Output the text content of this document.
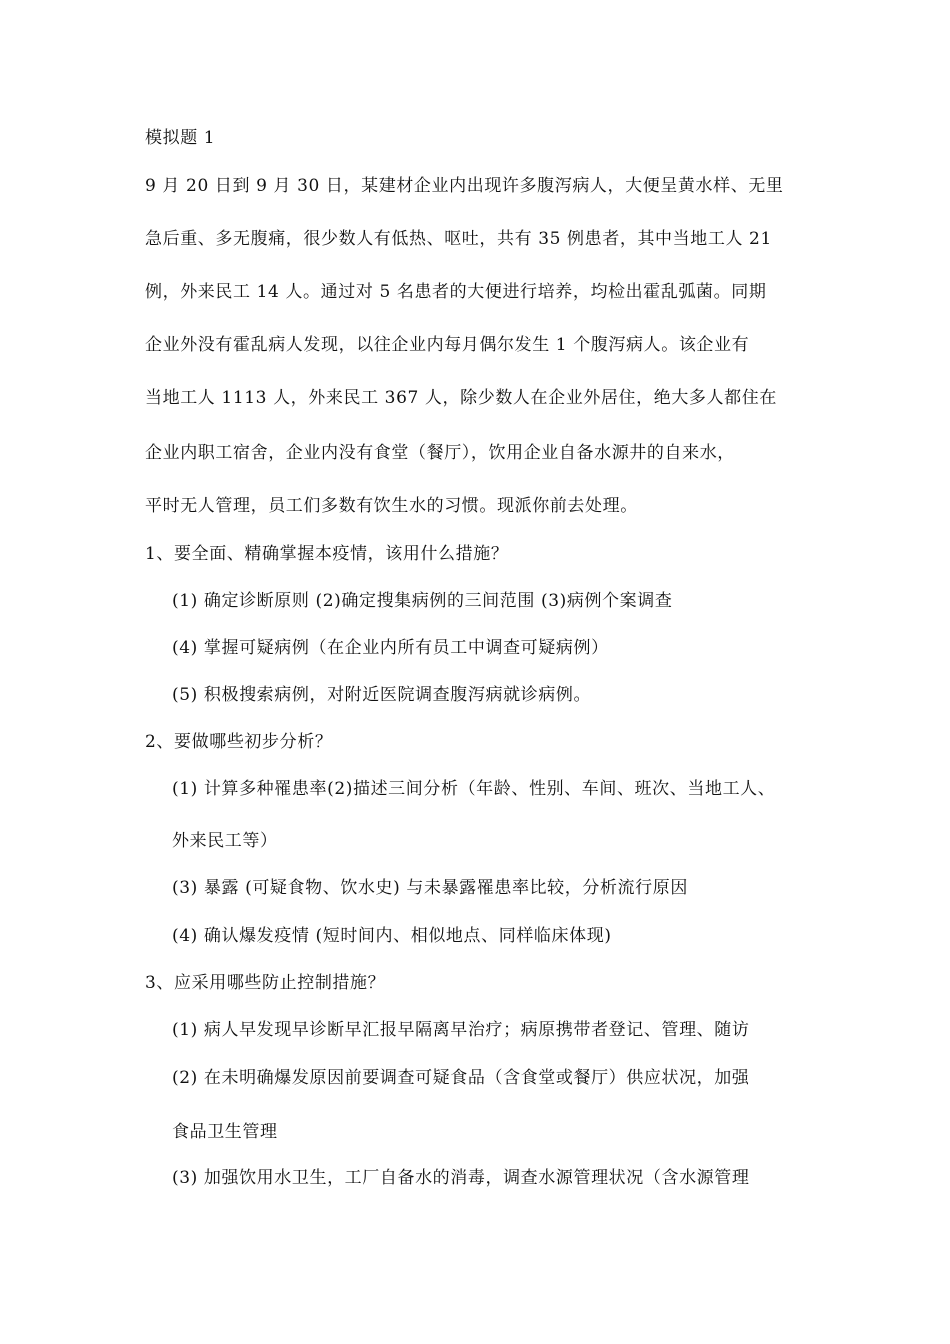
模拟题 1
9 月 20 日到 9 月 30 日，某建材企业内出现许多腹泻病人，大便呈黄水样、无里
急后重、多无腹痛，很少数人有低热、呕吐，共有 35 例患者，其中当地工人 21
例，外来民工 14 人。通过对 5 名患者的大便进行培养，均检出霍乱弧菌。同期
企业外没有霍乱病人发现，以往企业内每月偶尔发生 1 个腹泻病人。该企业有
当地工人 1113 人，外来民工 367 人，除少数人在企业外居住，绝大多人都住在
企业内职工宿舍，企业内没有食堂（餐厅），饮用企业自备水源井的自来水，
平时无人管理，员工们多数有饮生水的习惯。现派你前去处理。
1、要全面、精确掌握本疫情，该用什么措施？
(1) 确定诊断原则 (2)确定搜集病例的三间范围 (3)病例个案调查
(4) 掌握可疑病例（在企业内所有员工中调查可疑病例）
(5) 积极搜索病例，对附近医院调查腹泻病就诊病例。
2、要做哪些初步分析？
(1) 计算多种罹患率(2)描述三间分析（年龄、性别、车间、班次、当地工人、
外来民工等）
(3) 暴露 (可疑食物、饮水史) 与未暴露罹患率比较，分析流行原因
(4) 确认爆发疫情 (短时间内、相似地点、同样临床体现)
3、应采用哪些防止控制措施？
(1) 病人早发现早诊断早汇报早隔离早治疗；病原携带者登记、管理、随访
(2) 在未明确爆发原因前要调查可疑食品（含食堂或餐厅）供应状况，加强
食品卫生管理
(3) 加强饮用水卫生，工厂自备水的消毒，调查水源管理状况（含水源管理
